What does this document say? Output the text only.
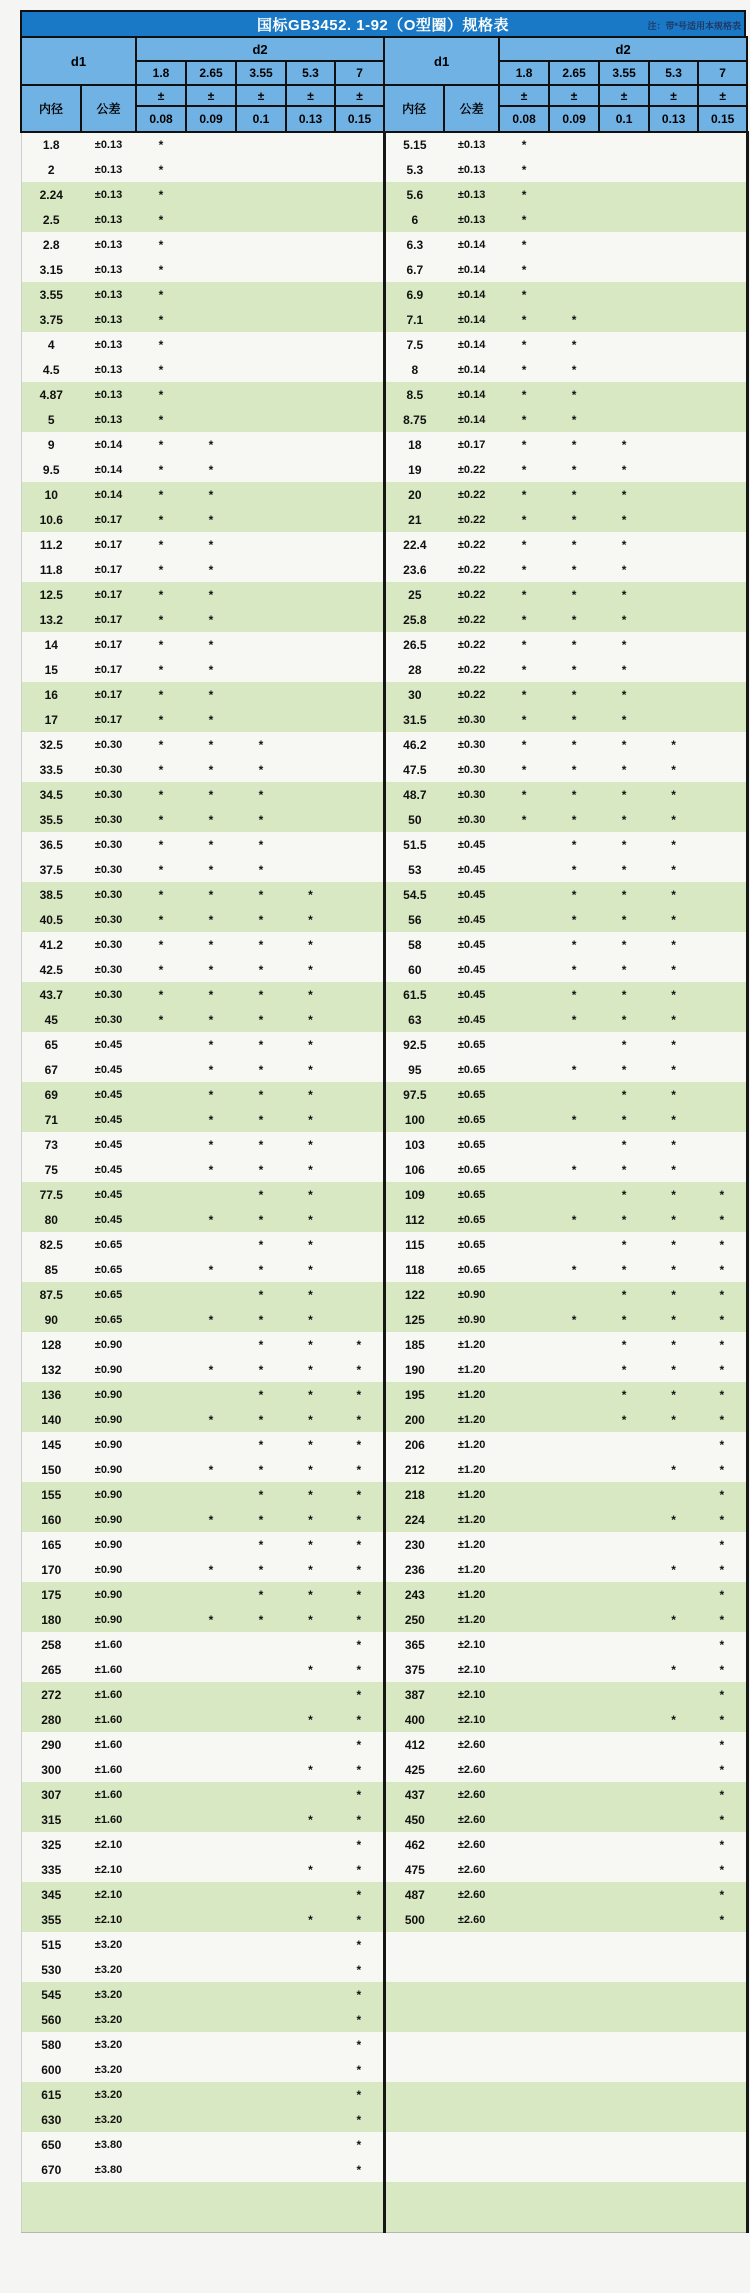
国标GB3452. 1-92（O型圈）规格表	注：带*号适用本规格表
d1		d2					d1		d2				
		1.8	2.65	3.55	5.3	7			1.8	2.65	3.55	5.3	7
内径	公差	±	±	±	±	±	内径	公差	±	±	±	±	±
		0.08	0.09	0.1	0.13	0.15			0.08	0.09	0.1	0.13	0.15
1.8	±0.13	*					5.15	±0.13	*				
2	±0.13	*					5.3	±0.13	*				
2.24	±0.13	*					5.6	±0.13	*				
2.5	±0.13	*					6	±0.13	*				
2.8	±0.13	*					6.3	±0.14	*				
3.15	±0.13	*					6.7	±0.14	*				
3.55	±0.13	*					6.9	±0.14	*				
3.75	±0.13	*					7.1	±0.14	*	*			
4	±0.13	*					7.5	±0.14	*	*			
4.5	±0.13	*					8	±0.14	*	*			
4.87	±0.13	*					8.5	±0.14	*	*			
5	±0.13	*					8.75	±0.14	*	*			
9	±0.14	*	*				18	±0.17	*	*	*		
9.5	±0.14	*	*				19	±0.22	*	*	*		
10	±0.14	*	*				20	±0.22	*	*	*		
10.6	±0.17	*	*				21	±0.22	*	*	*		
11.2	±0.17	*	*				22.4	±0.22	*	*	*		
11.8	±0.17	*	*				23.6	±0.22	*	*	*		
12.5	±0.17	*	*				25	±0.22	*	*	*		
13.2	±0.17	*	*				25.8	±0.22	*	*	*		
14	±0.17	*	*				26.5	±0.22	*	*	*		
15	±0.17	*	*				28	±0.22	*	*	*		
16	±0.17	*	*				30	±0.22	*	*	*		
17	±0.17	*	*				31.5	±0.30	*	*	*		
32.5	±0.30	*	*	*			46.2	±0.30	*	*	*	*	
33.5	±0.30	*	*	*			47.5	±0.30	*	*	*	*	
34.5	±0.30	*	*	*			48.7	±0.30	*	*	*	*	
35.5	±0.30	*	*	*			50	±0.30	*	*	*	*	
36.5	±0.30	*	*	*			51.5	±0.45		*	*	*	
37.5	±0.30	*	*	*			53	±0.45		*	*	*	
38.5	±0.30	*	*	*	*		54.5	±0.45		*	*	*	
40.5	±0.30	*	*	*	*		56	±0.45		*	*	*	
41.2	±0.30	*	*	*	*		58	±0.45		*	*	*	
42.5	±0.30	*	*	*	*		60	±0.45		*	*	*	
43.7	±0.30	*	*	*	*		61.5	±0.45		*	*	*	
45	±0.30	*	*	*	*		63	±0.45		*	*	*	
65	±0.45		*	*	*		92.5	±0.65			*	*	
67	±0.45		*	*	*		95	±0.65		*	*	*	
69	±0.45		*	*	*		97.5	±0.65			*	*	
71	±0.45		*	*	*		100	±0.65		*	*	*	
73	±0.45		*	*	*		103	±0.65			*	*	
75	±0.45		*	*	*		106	±0.65		*	*	*	
77.5	±0.45			*	*		109	±0.65			*	*	*
80	±0.45		*	*	*		112	±0.65		*	*	*	*
82.5	±0.65			*	*		115	±0.65			*	*	*
85	±0.65		*	*	*		118	±0.65		*	*	*	*
87.5	±0.65			*	*		122	±0.90			*	*	*
90	±0.65		*	*	*		125	±0.90		*	*	*	*
128	±0.90			*	*	*	185	±1.20			*	*	*
132	±0.90		*	*	*	*	190	±1.20			*	*	*
136	±0.90			*	*	*	195	±1.20			*	*	*
140	±0.90		*	*	*	*	200	±1.20			*	*	*
145	±0.90			*	*	*	206	±1.20					*
150	±0.90		*	*	*	*	212	±1.20				*	*
155	±0.90			*	*	*	218	±1.20					*
160	±0.90		*	*	*	*	224	±1.20				*	*
165	±0.90			*	*	*	230	±1.20					*
170	±0.90		*	*	*	*	236	±1.20				*	*
175	±0.90			*	*	*	243	±1.20					*
180	±0.90		*	*	*	*	250	±1.20				*	*
258	±1.60					*	365	±2.10					*
265	±1.60				*	*	375	±2.10				*	*
272	±1.60					*	387	±2.10					*
280	±1.60				*	*	400	±2.10				*	*
290	±1.60					*	412	±2.60					*
300	±1.60				*	*	425	±2.60					*
307	±1.60					*	437	±2.60					*
315	±1.60				*	*	450	±2.60					*
325	±2.10					*	462	±2.60					*
335	±2.10				*	*	475	±2.60					*
345	±2.10					*	487	±2.60					*
355	±2.10				*	*	500	±2.60					*
515	±3.20					*							
530	±3.20					*							
545	±3.20					*							
560	±3.20					*							
580	±3.20					*							
600	±3.20					*							
615	±3.20					*							
630	±3.20					*							
650	±3.80					*							
670	±3.80					*							
